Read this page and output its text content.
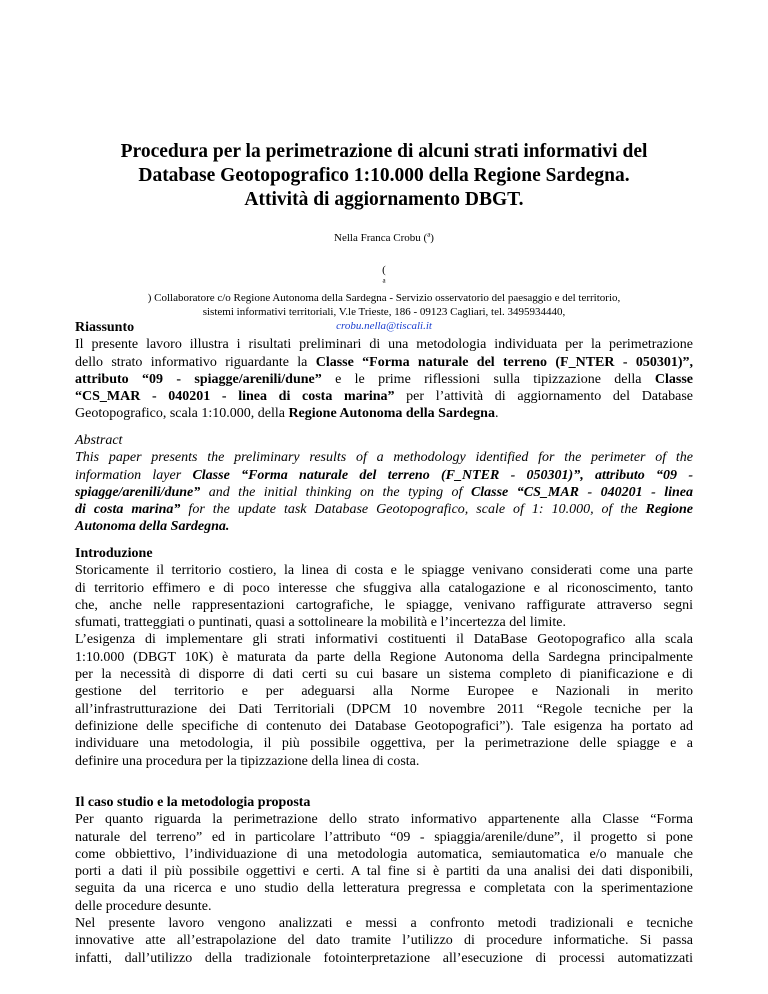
Procedura per la perimetrazione di alcuni strati informativi del
Database Geotopografico 1:10.000 della Regione Sardegna.
Attività di aggiornamento DBGT.
Nella Franca Crobu ($^a$)
(
$^a$
) Collaboratore c/o Regione Autonoma della Sardegna - Servizio osservatorio del paesaggio e del territorio,
sistemi informativi territoriali, V.le Trieste, 186 - 09123 Cagliari, tel. 3495934440,
crobu.nella@tiscali.it
Riassunto
Il presente lavoro illustra i risultati preliminari di una metodologia individuata per la perimetrazione
dello strato informativo riguardante la Classe “Forma naturale del terreno (F_NTER - 050301)”,
attributo “09 - spiagge/arenili/dune” e le prime riflessioni sulla tipizzazione della Classe
“CS_MAR - 040201 - linea di costa marina” per l’attività di aggiornamento del Database
Geotopografico, scala 1:10.000, della Regione Autonoma della Sardegna.
Abstract
This paper presents the preliminary results of a methodology identified for the perimeter of the
information layer Classe “Forma naturale del terreno (F_NTER - 050301)”, attributo “09 -
spiagge/arenili/dune” and the initial thinking on the typing of Classe “CS_MAR - 040201 - linea
di costa marina” for the update task Database Geotopografico, scale of 1: 10.000, of the Regione
Autonoma della Sardegna.
Introduzione
Storicamente il territorio costiero, la linea di costa e le spiagge venivano considerati come una parte
di territorio effimero e di poco interesse che sfuggiva alla catalogazione e al riconoscimento, tanto
che, anche nelle rappresentazioni cartografiche, le spiagge, venivano raffigurate attraverso segni
sfumati, tratteggiati o puntinati, quasi a sottolineare la mobilità e l’incertezza del limite.
L’esigenza di implementare gli strati informativi costituenti il DataBase Geotopografico alla scala
1:10.000 (DBGT 10K) è maturata da parte della Regione Autonoma della Sardegna principalmente
per la necessità di disporre di dati certi su cui basare un sistema completo di pianificazione e di
gestione del territorio e per adeguarsi alla Norme Europee e Nazionali in merito
all’infrastrutturazione dei Dati Territoriali (DPCM 10 novembre 2011 “Regole tecniche per la
definizione delle specifiche di contenuto dei Database Geotopografici”). Tale esigenza ha portato ad
individuare una metodologia, il più possibile oggettiva, per la perimetrazione delle spiagge e a
definire una procedura per la tipizzazione della linea di costa.
Il caso studio e la metodologia proposta
Per quanto riguarda la perimetrazione dello strato informativo appartenente alla Classe “Forma
naturale del terreno” ed in particolare l’attributo “09 - spiaggia/arenile/dune”, il progetto si pone
come obbiettivo, l’individuazione di una metodologia automatica, semiautomatica e/o manuale che
porti a dati il più possibile oggettivi e certi. A tal fine si è partiti da una analisi dei dati disponibili,
seguita da una ricerca e uno studio della letteratura pregressa e completata con la sperimentazione
delle procedure desunte.
Nel presente lavoro vengono analizzati e messi a confronto metodi tradizionali e tecniche
innovative atte all’estrapolazione del dato tramite l’utilizzo di procedure informatiche. Si passa
infatti, dall’utilizzo della tradizionale fotointerpretazione all’esecuzione di processi automatizzati
